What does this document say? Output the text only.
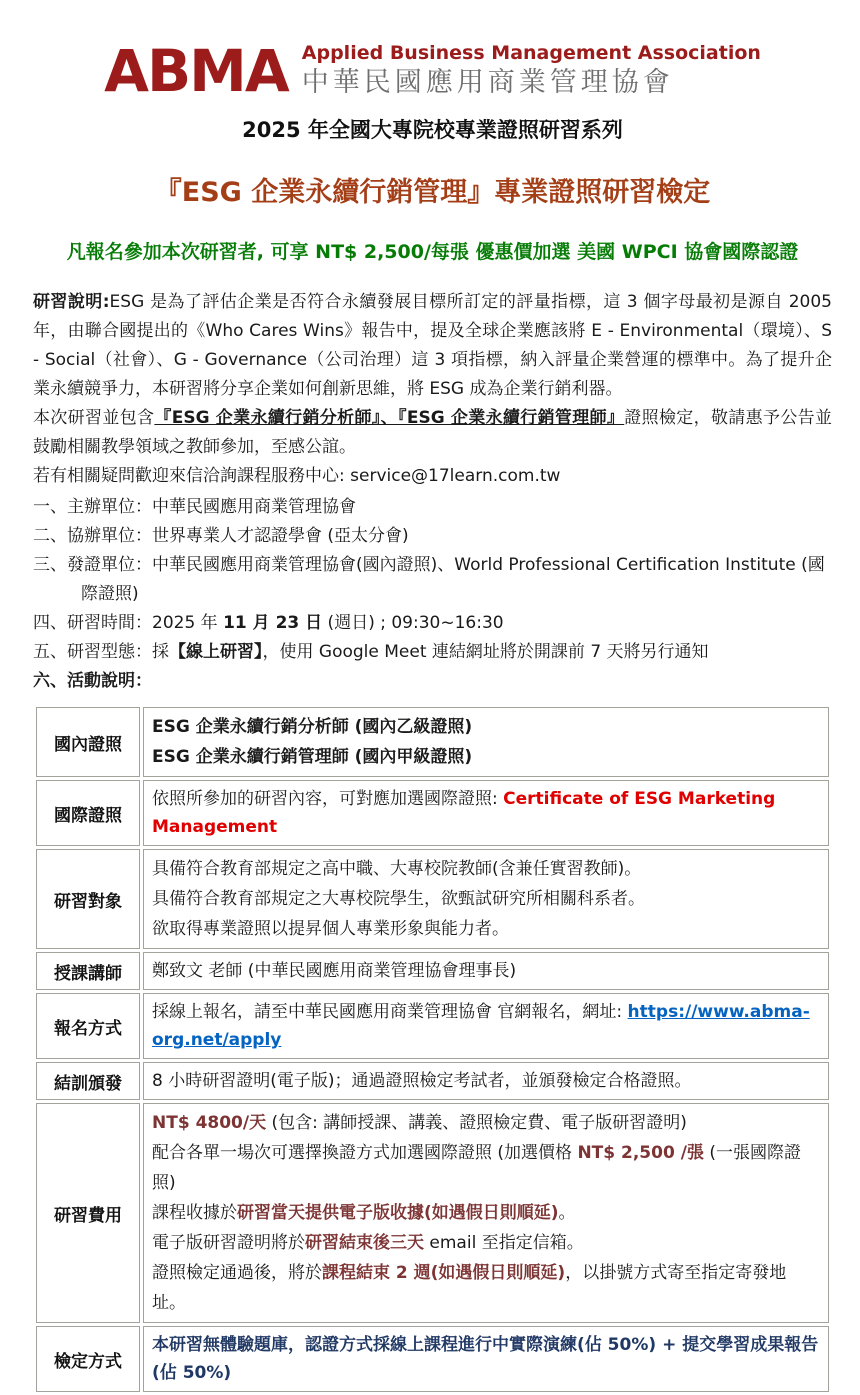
ABMA Applied Business Management Association
中華民國應用商業管理協會
2025 年全國大專院校專業證照研習系列
『ESG 企業永續行銷管理』專業證照研習檢定
凡報名參加本次研習者, 可享 NT$ 2,500/每張 優惠價加選 美國 WPCI 協會國際認證
研習說明:ESG 是為了評估企業是否符合永續發展目標所訂定的評量指標，這 3 個字母最初是源自 2005 年，由聯合國提出的《Who Cares Wins》報告中，提及全球企業應該將 E - Environmental（環境）、S - Social（社會）、G - Governance（公司治理）這 3 項指標，納入評量企業營運的標準中。為了提升企業永續競爭力，本研習將分享企業如何創新思維，將 ESG 成為企業行銷利器。
本次研習並包含『ESG 企業永續行銷分析師』、『ESG 企業永續行銷管理師』證照檢定，敬請惠予公告並鼓勵相關教學領域之教師參加，至感公誼。
若有相關疑問歡迎來信洽詢課程服務中心: service@17learn.com.tw
一、主辦單位：中華民國應用商業管理協會
二、協辦單位：世界專業人才認證學會 (亞太分會)
三、發證單位：中華民國應用商業管理協會(國內證照)、World Professional Certification Institute (國際證照)
四、研習時間：2025 年 11 月 23 日 (週日) ; 09:30~16:30
五、研習型態：採【線上研習】，使用 Google Meet 連結網址將於開課前 7 天將另行通知
六、活動說明：
國內證照	ESG 企業永續行銷分析師 (國內乙級證照)
ESG 企業永續行銷管理師 (國內甲級證照)

國際證照	依照所參加的研習內容，可對應加選國際證照: Certificate of ESG Marketing Management
研習對象	具備符合教育部規定之高中職、大專校院教師(含兼任實習教師)。
具備符合教育部規定之大專校院學生，欲甄試研究所相關科系者。
欲取得專業證照以提昇個人專業形象與能力者。

授課講師	鄭致文 老師 (中華民國應用商業管理協會理事長)
報名方式	採線上報名，請至中華民國應用商業管理協會 官網報名，網址: https://www.abma-org.net/apply
結訓頒發	8 小時研習證明(電子版)；通過證照檢定考試者，並頒發檢定合格證照。
研習費用	NT$ 4800/天 (包含: 講師授課、講義、證照檢定費、電子版研習證明)
配合各單一場次可選擇換證方式加選國際證照 (加選價格 NT$ 2,500 /張 (一張國際證照)
課程收據於研習當天提供電子版收據(如遇假日則順延)。
電子版研習證明將於研習結束後三天 email 至指定信箱。
證照檢定通過後，將於課程結束 2 週(如遇假日則順延)，以掛號方式寄至指定寄發地址。

檢定方式	本研習無體驗題庫，認證方式採線上課程進行中實際演練(佔 50%) + 提交學習成果報告(佔 50%)
